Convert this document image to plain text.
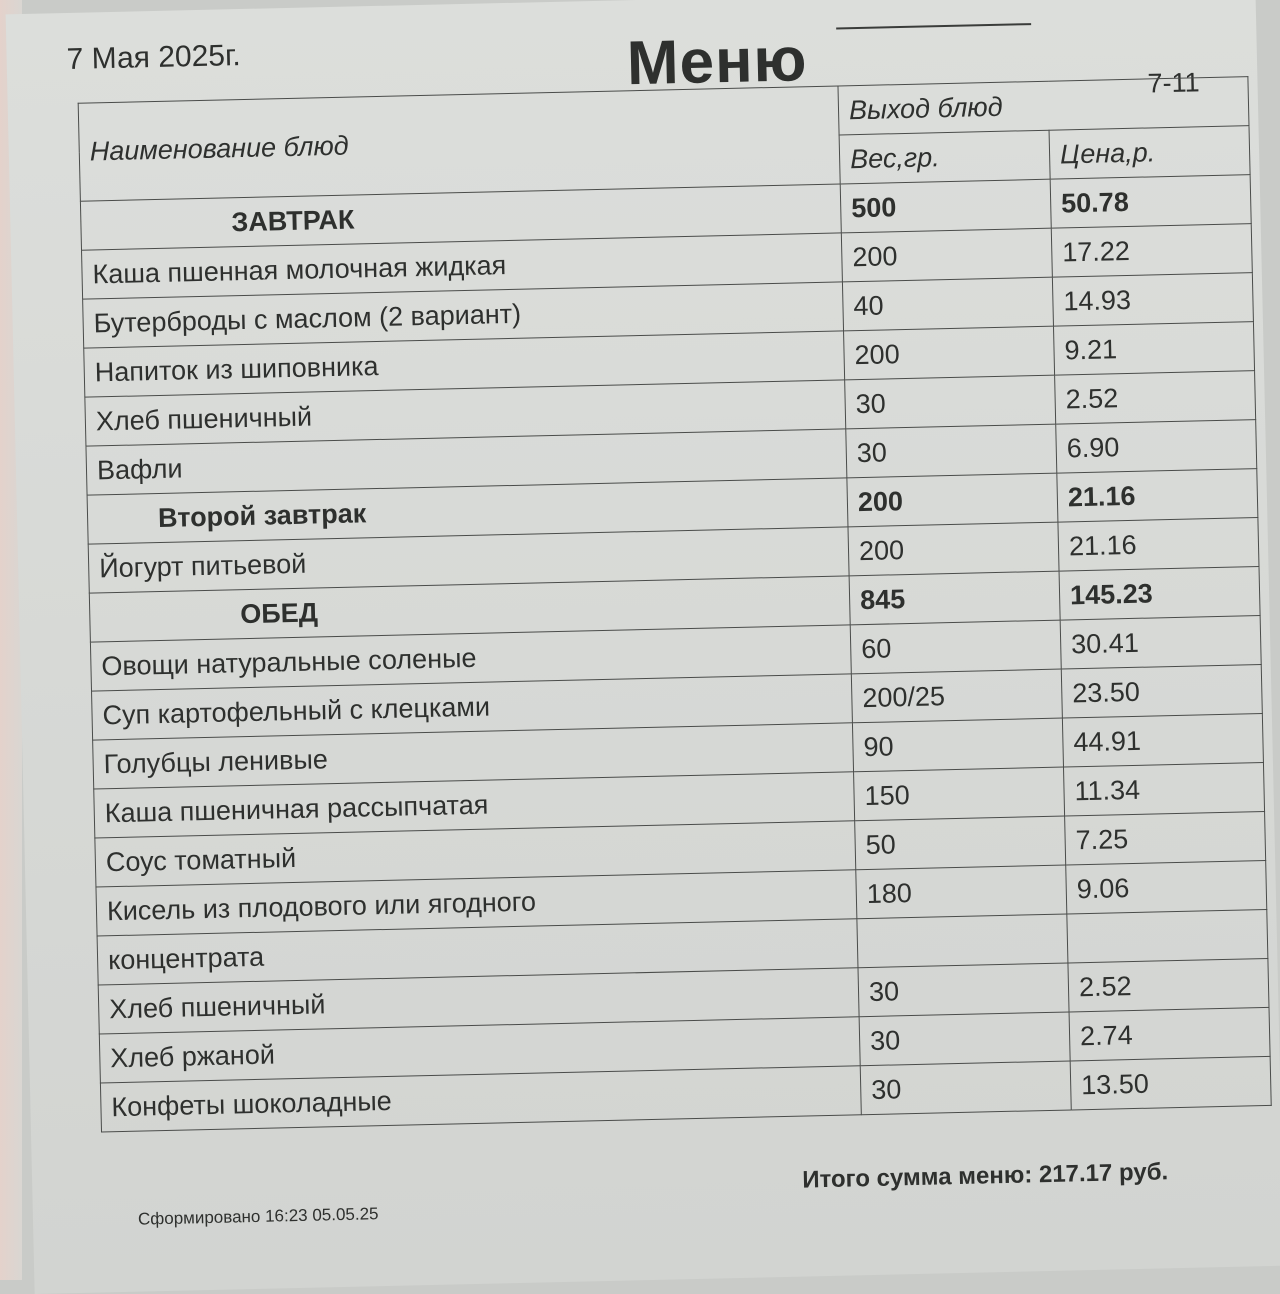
7 Мая 2025г.	Меню	7-11
Наименование блюд	Выход блюд	
	Вес,гр.	Цена,р.
ЗАВТРАК	500	50.78
Каша пшенная молочная жидкая	200	17.22
Бутерброды с маслом (2 вариант)	40	14.93
Напиток из шиповника	200	9.21
Хлеб пшеничный	30	2.52
Вафли	30	6.90
Второй завтрак	200	21.16
Йогурт питьевой	200	21.16
ОБЕД	845	145.23
Овощи натуральные соленые	60	30.41
Суп картофельный с клецками	200/25	23.50
Голубцы ленивые	90	44.91
Каша пшеничная рассыпчатая	150	11.34
Соус томатный	50	7.25
Кисель из плодового или ягодного	180	9.06
концентрата		
Хлеб пшеничный	30	2.52
Хлеб ржаной	30	2.74
Конфеты шоколадные	30	13.50
Сформировано 16:23 05.05.25
Итого сумма меню: 217.17 руб.
